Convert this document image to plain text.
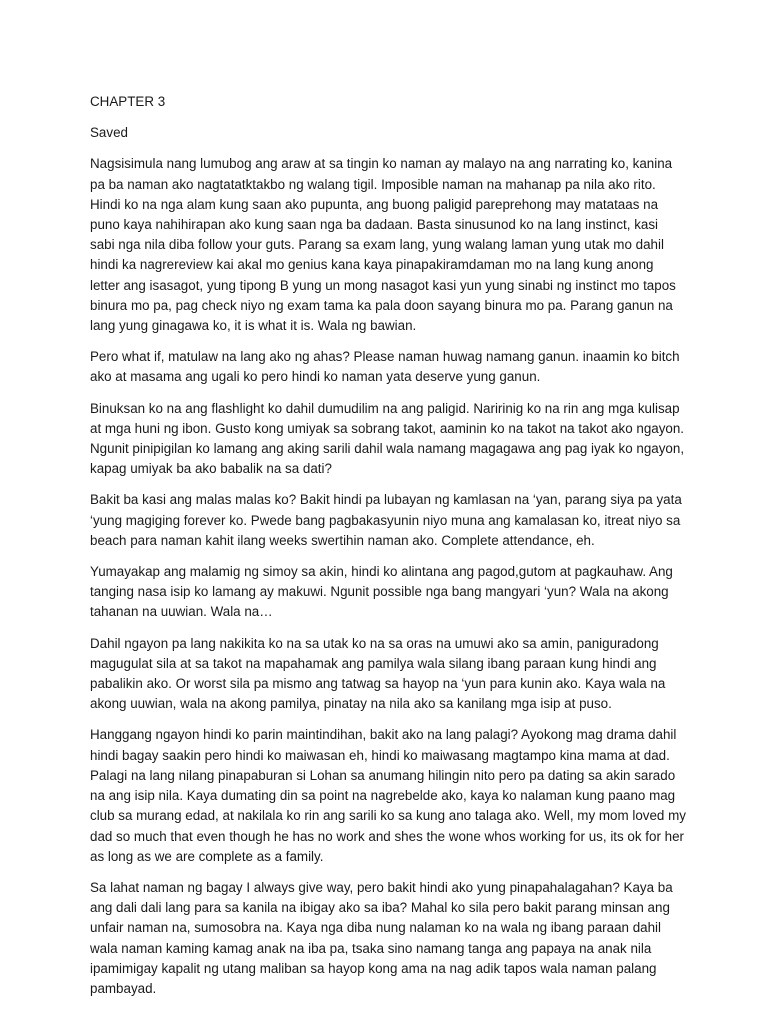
CHAPTER 3
Saved
Nagsisimula nang lumubog ang araw at sa tingin ko naman ay malayo na ang narrating ko, kanina pa ba naman ako nagtatatktakbo ng walang tigil. Imposible naman na mahanap pa nila ako rito. Hindi ko na nga alam kung saan ako pupunta, ang buong paligid pareprehong may matataas na puno kaya nahihirapan ako kung saan nga ba dadaan. Basta sinusunod ko na lang instinct, kasi sabi nga nila diba follow your guts. Parang sa exam lang, yung walang laman yung utak mo dahil hindi ka nagrereview kai akal mo genius kana kaya pinapakiramdaman mo na lang kung anong letter ang isasagot, yung tipong B yung un mong nasagot kasi yun yung sinabi ng instinct mo tapos binura mo pa, pag check niyo ng exam tama ka pala doon sayang binura mo pa. Parang ganun na lang yung ginagawa ko, it is what it is. Wala ng bawian.
Pero what if, matulaw na lang ako ng ahas? Please naman huwag namang ganun. inaamin ko bitch ako at masama ang ugali ko pero hindi ko naman yata deserve yung ganun.
Binuksan ko na ang flashlight ko dahil dumudilim na ang paligid. Naririnig ko na rin ang mga kulisap at mga huni ng ibon. Gusto kong umiyak sa sobrang takot, aaminin ko na takot na takot ako ngayon. Ngunit pinipigilan ko lamang ang aking sarili dahil wala namang magagawa ang pag iyak ko ngayon, kapag umiyak ba ako babalik na sa dati?
Bakit ba kasi ang malas malas ko? Bakit hindi pa lubayan ng kamlasan na ‘yan, parang siya pa yata ‘yung magiging forever ko. Pwede bang pagbakasyunin niyo muna ang kamalasan ko, itreat niyo sa beach para naman kahit ilang weeks swertihin naman ako. Complete attendance, eh.
Yumayakap ang malamig ng simoy sa akin, hindi ko alintana ang pagod,gutom at pagkauhaw. Ang tanging nasa isip ko lamang ay makuwi. Ngunit possible nga bang mangyari ‘yun? Wala na akong tahanan na uuwian. Wala na…
Dahil ngayon pa lang nakikita ko na sa utak ko na sa oras na umuwi ako sa amin, paniguradong magugulat sila at sa takot na mapahamak ang pamilya wala silang ibang paraan kung hindi ang pabalikin ako. Or worst sila pa mismo ang tatwag sa hayop na ‘yun para kunin ako. Kaya wala na akong uuwian, wala na akong pamilya, pinatay na nila ako sa kanilang mga isip at puso.
Hanggang ngayon hindi ko parin maintindihan, bakit ako na lang palagi? Ayokong mag drama dahil hindi bagay saakin pero hindi ko maiwasan eh, hindi ko maiwasang magtampo kina mama at dad. Palagi na lang nilang pinapaburan si Lohan sa anumang hilingin nito pero pa dating sa akin sarado na ang isip nila. Kaya dumating din sa point na nagrebelde ako, kaya ko nalaman kung paano mag club sa murang edad, at nakilala ko rin ang sarili ko sa kung ano talaga ako. Well, my mom loved my dad so much that even though he has no work and shes the wone whos working for us, its ok for her as long as we are complete as a family.
Sa lahat naman ng bagay I always give way, pero bakit hindi ako yung pinapahalagahan? Kaya ba ang dali dali lang para sa kanila na ibigay ako sa iba? Mahal ko sila pero bakit parang minsan ang unfair naman na, sumosobra na. Kaya nga diba nung nalaman ko na wala ng ibang paraan dahil wala naman kaming kamag anak na iba pa, tsaka sino namang tanga ang papaya na anak nila ipamimigay kapalit ng utang maliban sa hayop kong ama na nag adik tapos wala naman palang pambayad.
